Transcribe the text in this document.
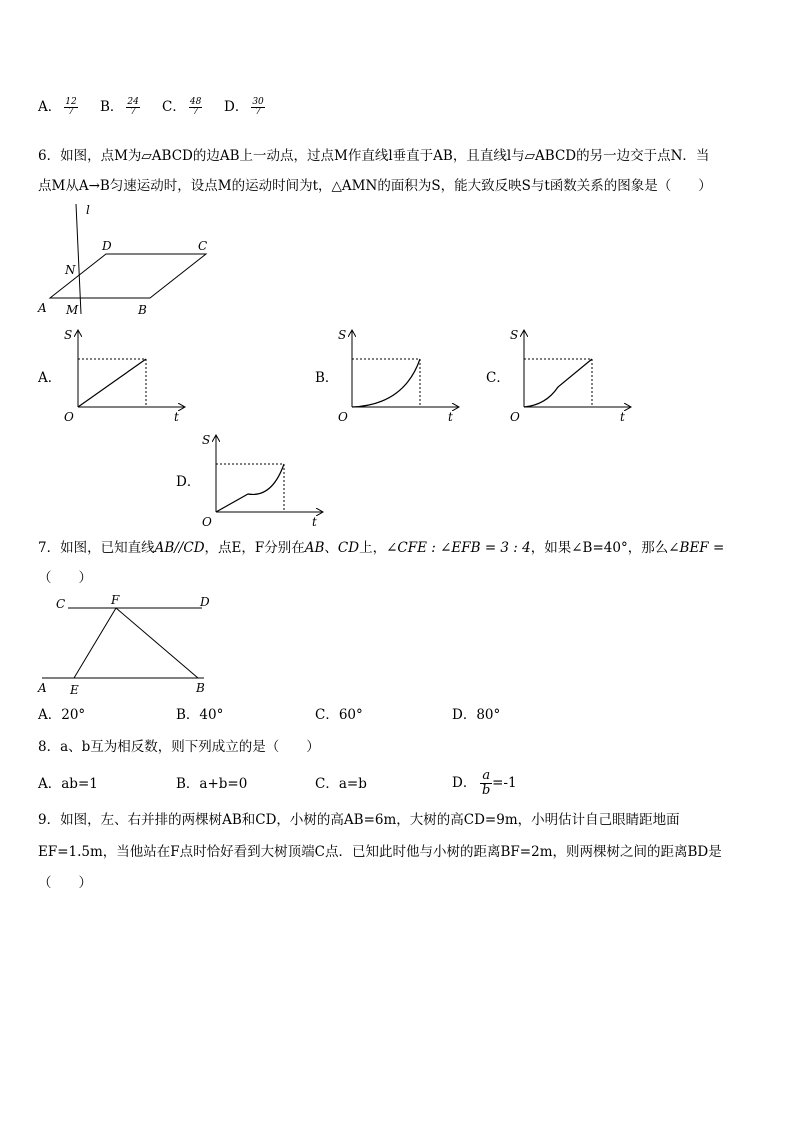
A． $\frac{12}{7}$ B． $\frac{24}{7}$ C． $\frac{48}{7}$ D． $\frac{30}{7}$
6．如图，点M为▱ABCD的边AB上一动点，过点M作直线l垂直于AB，且直线l与▱ABCD的另一边交于点N．当
点M从A→B匀速运动时，设点M的运动时间为t，△AMN的面积为S，能大致反映S与t函数关系的图象是（　　）
l
D	C
N
A M	B
A．	B．	C．
D．
S
O	t
S
O	t
S
O	t
S
O	t
7．如图，已知直线AB//CD，点E，F分别在AB、CD上，∠CFE : ∠EFB = 3 : 4，如果∠B=40°，那么∠BEF =
（　　）
C	F	D
A E	B
A．20°	B．40°	C．60°	D．80°
8．a、b互为相反数，则下列成立的是（　　）
A．ab=1	B．a+b=0	C．a=b	D． $\frac{a}{b} =-1$
9．如图，左、右并排的两棵树AB和CD，小树的高AB=6m，大树的高CD=9m，小明估计自己眼睛距地面
EF=1.5m，当他站在F点时恰好看到大树顶端C点．已知此时他与小树的距离BF=2m，则两棵树之间的距离BD是
（　　）
